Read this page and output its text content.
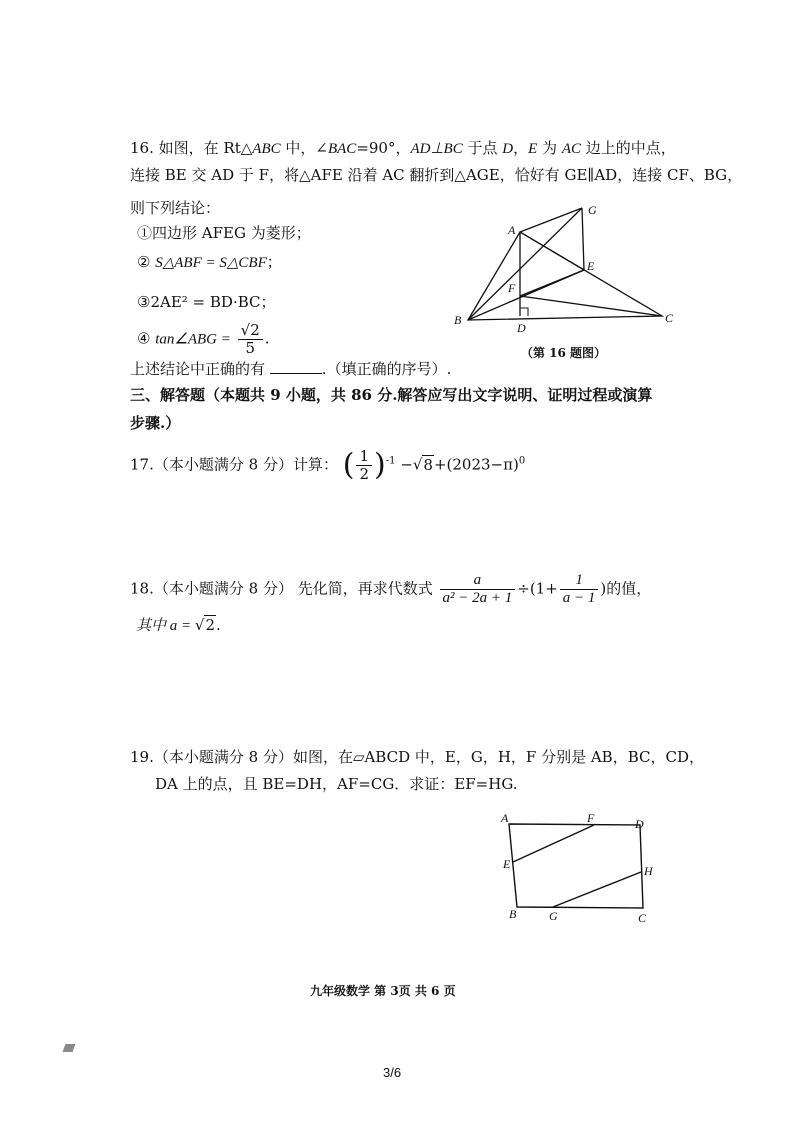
16. 如图，在 Rt△ABC 中，∠BAC=90°，AD⊥BC 于点 D，E 为 AC 边上的中点，
连接 BE 交 AD 于 F，将△AFE 沿着 AC 翻折到△AGE，恰好有 GE∥AD，连接 CF、BG，
则下列结论：
①四边形 AFEG 为菱形；
② S△ABF = S△CBF；
③2AE² = BD·BC；
④ tan∠ABG = $\frac{√2}{5}$ .
上述结论中正确的有	.（填正确的序号）.
A
B	C
D
E
F
G
（第 16 题图）
三、解答题（本题共 9 小题，共 86 分.解答应写出文字说明、证明过程或演算
步骤.）
17.（本小题满分 8 分）计算： ( $\frac{1}{2} )^{-1} -√8+(2023-\pi)^0$
18.（本小题满分 8 分） 先化简，再求代数式 $\frac{a}{\text{a² − 2a + 1}} \div(1+ \frac{1}{a - 1}$ )的值，
其中 a = √2.
19.（本小题满分 8 分）如图，在▱ABCD 中，E，G，H，F 分别是 AB，BC，CD，
DA 上的点，且 BE=DH，AF=CG．求证：EF=HG.
A
B	C
D
E
F
G
H
九年级数学 第 3页 共 6 页
3/6
